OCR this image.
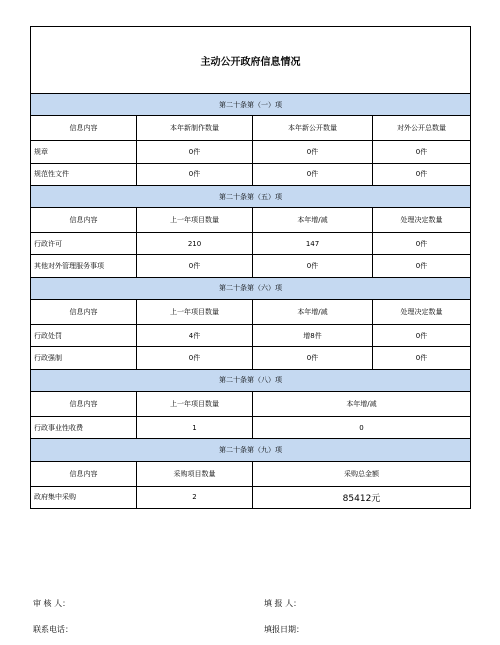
主动公开政府信息情况			
第二十条第（一）项			
信息内容	本年新制作数量	本年新公开数量	对外公开总数量
规章	0件	0件	0件
规范性文件	0件	0件	0件
第二十条第（五）项			
信息内容	上一年项目数量	本年增/减	处理决定数量
行政许可	210	147	0件
其他对外管理服务事项	0件	0件	0件
第二十条第（六）项			
信息内容	上一年项目数量	本年增/减	处理决定数量
行政处罚	4件	增8件	0件
行政强制	0件	0件	0件
第二十条第（八）项			
信息内容	上一年项目数量	本年增/减	
行政事业性收费	1	0	
第二十条第（九）项			
信息内容	采购项目数量	采购总金额	
政府集中采购	2	85412元	
审 核 人：	填 报 人：
联系电话：	填报日期：
